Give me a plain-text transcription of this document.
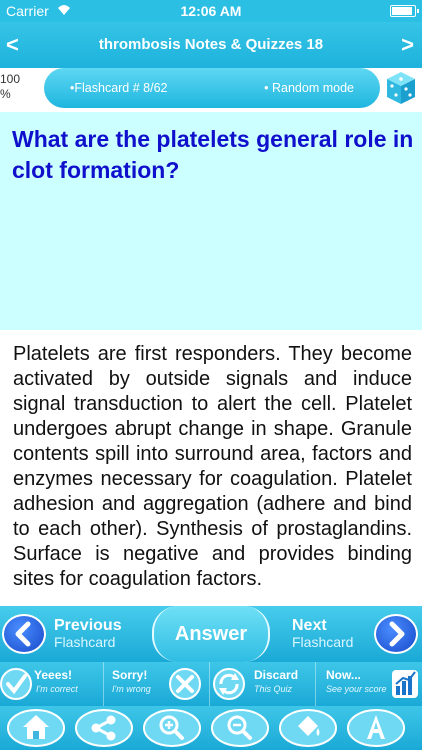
Carrier	12:06 AM
<	thrombosis Notes & Quizzes 18	>
100
%	•Flashcard # 8/62	• Random mode
What are the platelets general role in clot formation?
Platelets are first responders. They become activated by outside signals and induce signal transduction to alert the cell. Platelet undergoes abrupt change in shape. Granule contents spill into surround area, factors and enzymes necessary for coagulation. Platelet adhesion and aggregation (adhere and bind to each other). Synthesis of prostaglandins. Surface is negative and provides binding sites for coagulation factors.
Previous
Flashcard	Answer	Next
Flashcard
Yeees!
I'm correct
Sorry!
I'm wrong
Discard
This Quiz
Now...
See your score
